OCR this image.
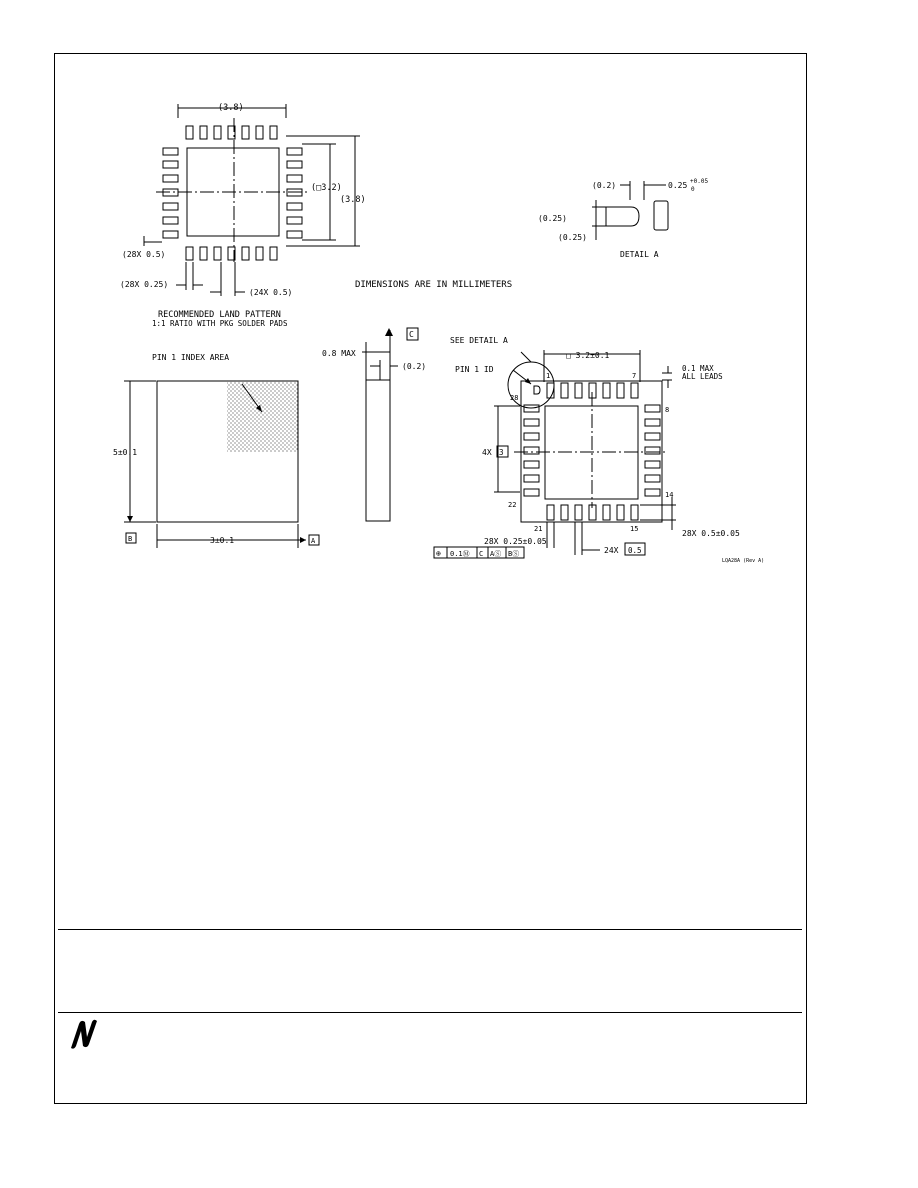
(3.8)
(□3.2)
(3.8)
(28X 0.5)
(28X 0.25)
(24X 0.5)
RECOMMENDED LAND PATTERN
1:1 RATIO WITH PKG SOLDER PADS
DIMENSIONS ARE IN MILLIMETERS
(0.2)	0.25 +0.05
0
(0.25)
(0.25)
DETAIL A
PIN 1 INDEX AREA
5±0.1
3±0.1	A
B
0.8 MAX
(0.2)
C
SEE DETAIL A
PIN 1 ID
□ 3.2±0.1
1	7
8
14
15
21
22
28
0.1 MAX
ALL LEADS
4X 3
28X 0.5±0.05
28X 0.25±0.05
24X 0.5
⊕ 0.1Ⓜ C AⓈ BⓈ
LQA28A (Rev A)
